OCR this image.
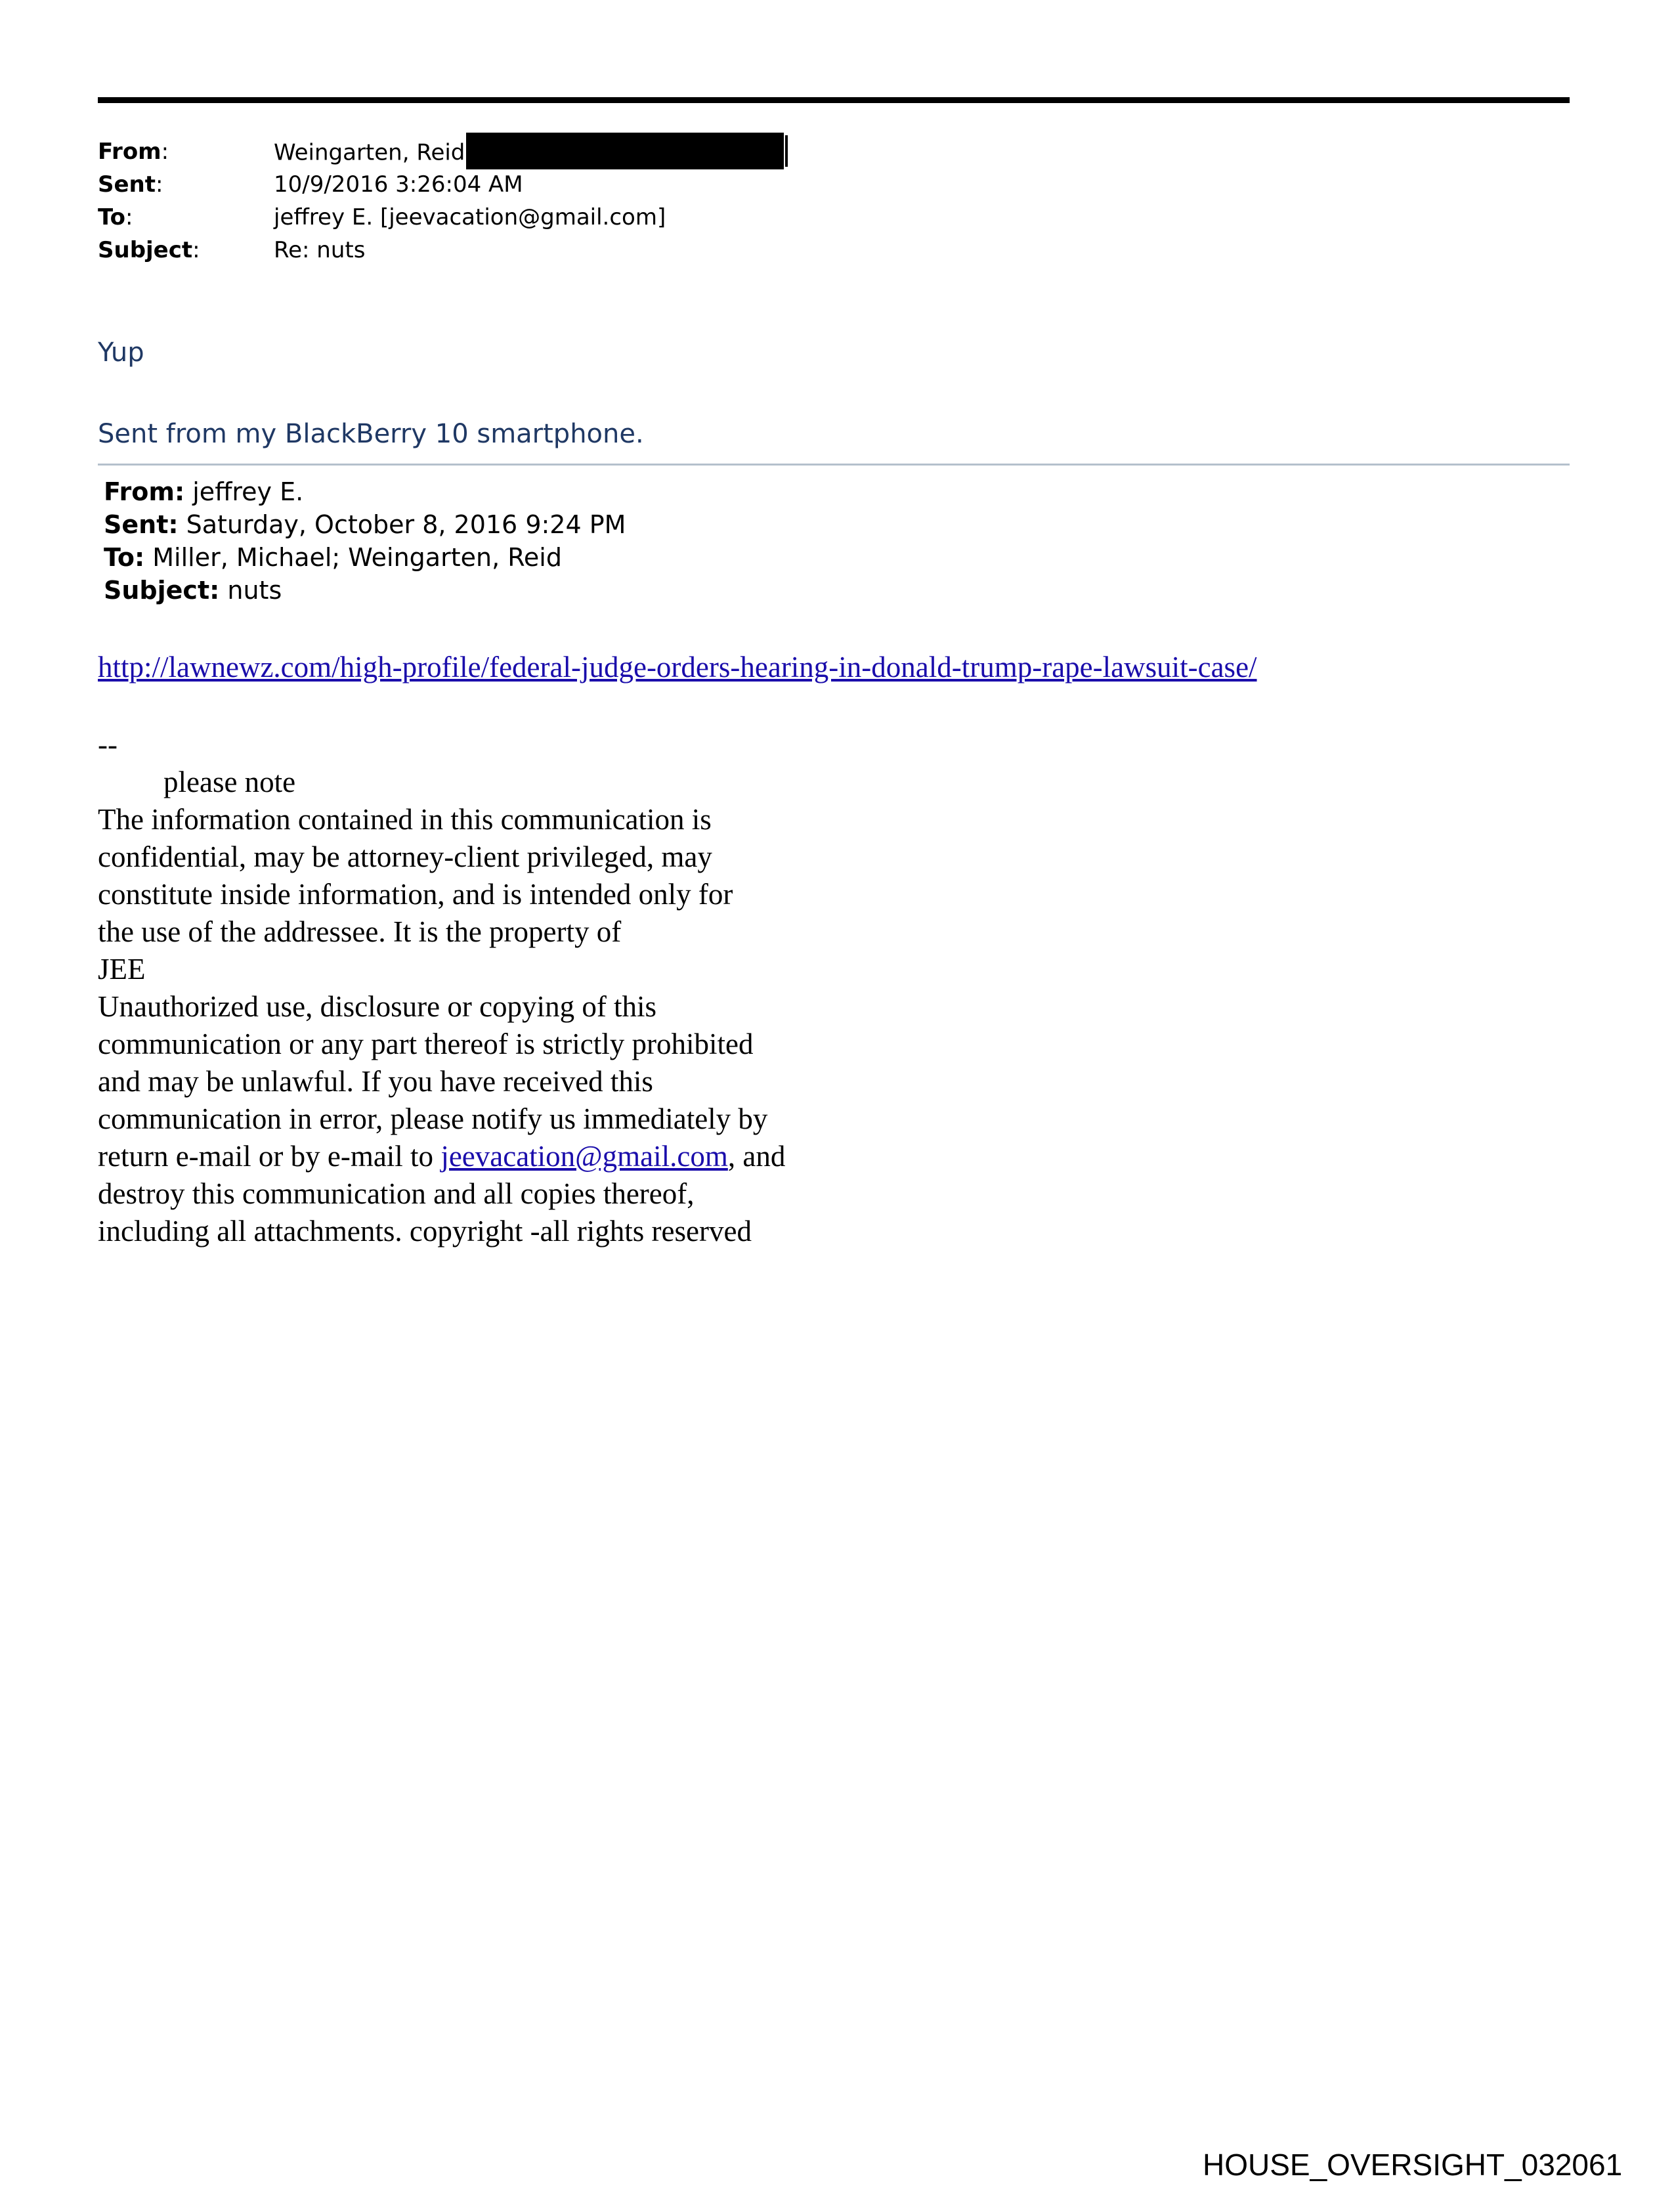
From:	Weingarten, Reid
Sent:	10/9/2016 3:26:04 AM
To:	jeffrey E. [jeevacation@gmail.com]
Subject:	Re: nuts
Yup
Sent from my BlackBerry 10 smartphone.
From: jeffrey E.
Sent: Saturday, October 8, 2016 9:24 PM
To: Miller, Michael; Weingarten, Reid
Subject: nuts
http://lawnewz.com/high-profile/federal-judge-orders-hearing-in-donald-trump-rape-lawsuit-case/
--
please note
The information contained in this communication is
confidential, may be attorney-client privileged, may
constitute inside information, and is intended only for
the use of the addressee. It is the property of
JEE
Unauthorized use, disclosure or copying of this
communication or any part thereof is strictly prohibited
and may be unlawful. If you have received this
communication in error, please notify us immediately by
return e-mail or by e-mail to jeevacation@gmail.com, and
destroy this communication and all copies thereof,
including all attachments. copyright -all rights reserved
HOUSE_OVERSIGHT_032061
